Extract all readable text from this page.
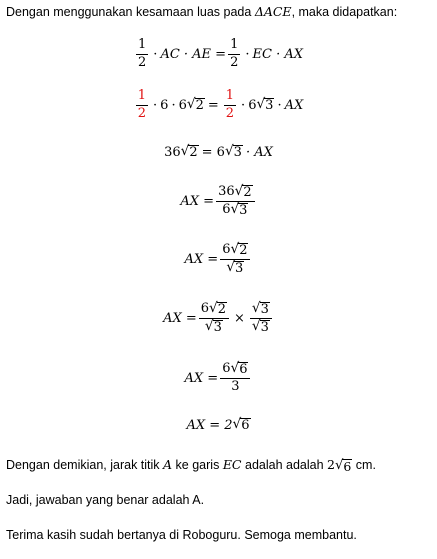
Dengan menggunakan kesamaan luas pada ΔACE, maka didapatkan:
$\frac{1}{2}$ · AC · AE = $\frac{1}{2}$ · EC · AX
$\frac{1}{2} \cdot 6 \cdot 6$ √ $2 = \frac{1}{2} \cdot 6$ √ 3 · AX
36 √ 2 = 6 √ 3 · AX
AX = $\frac{36 √ 2}{6 √ 3}$
AX = $\frac{6 √ 2}{√ 3}$
AX = $\frac{6 √ 2}{√ 3} \times \frac{√ 3}{√ 3}$
AX = $\frac{6 √ 6}{3}$
AX = 2 √ 6
Dengan demikian, jarak titik A ke garis EC adalah adalah 2 √ 6 cm.
Jadi, jawaban yang benar adalah A.
Terima kasih sudah bertanya di Roboguru. Semoga membantu.
